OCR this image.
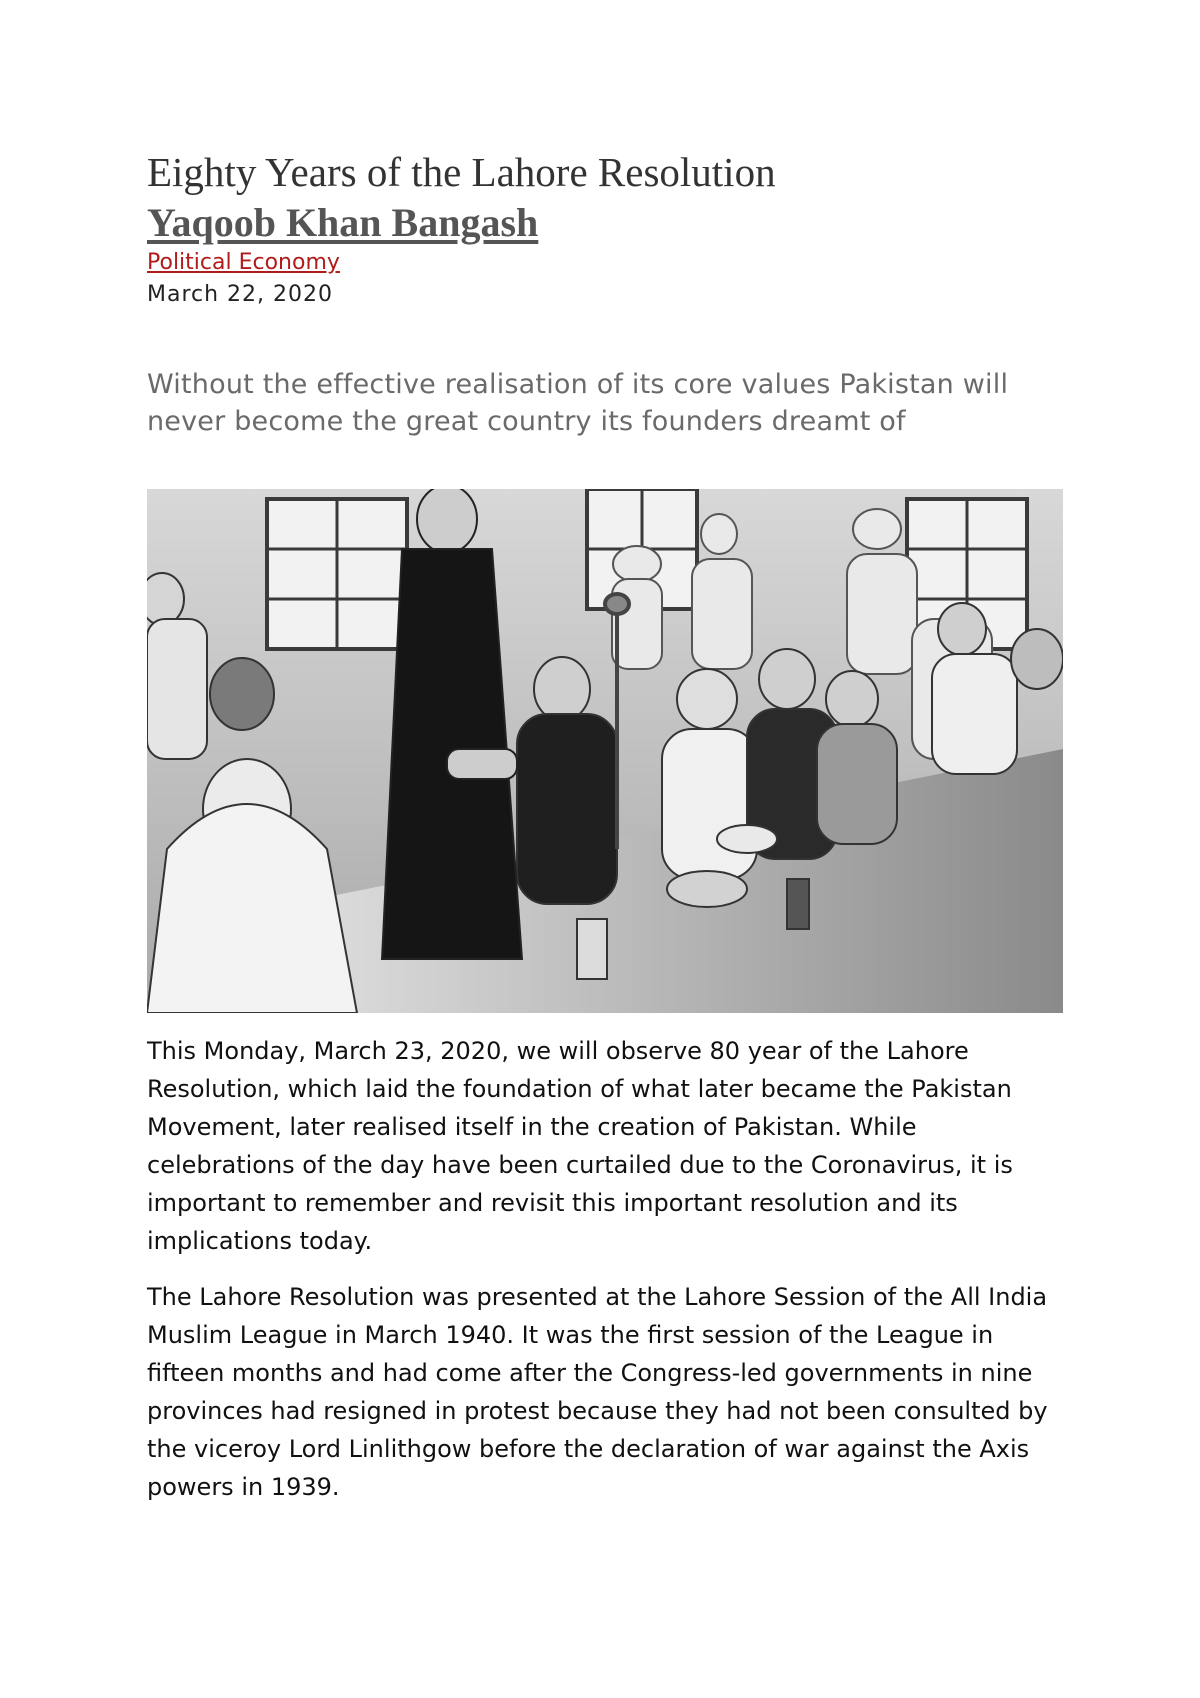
Eighty Years of the Lahore Resolution
Yaqoob Khan Bangash
Political Economy
March 22, 2020
Without the effective realisation of its core values Pakistan will never become the great country its founders dreamt of

This Monday, March 23, 2020, we will observe 80 year of the Lahore Resolution, which laid the foundation of what later became the Pakistan Movement, later realised itself in the creation of Pakistan. While celebrations of the day have been curtailed due to the Coronavirus, it is important to remember and revisit this important resolution and its implications today.

The Lahore Resolution was presented at the Lahore Session of the All India Muslim League in March 1940. It was the first session of the League in fifteen months and had come after the Congress-led governments in nine provinces had resigned in protest because they had not been consulted by the viceroy Lord Linlithgow before the declaration of war against the Axis powers in 1939.
